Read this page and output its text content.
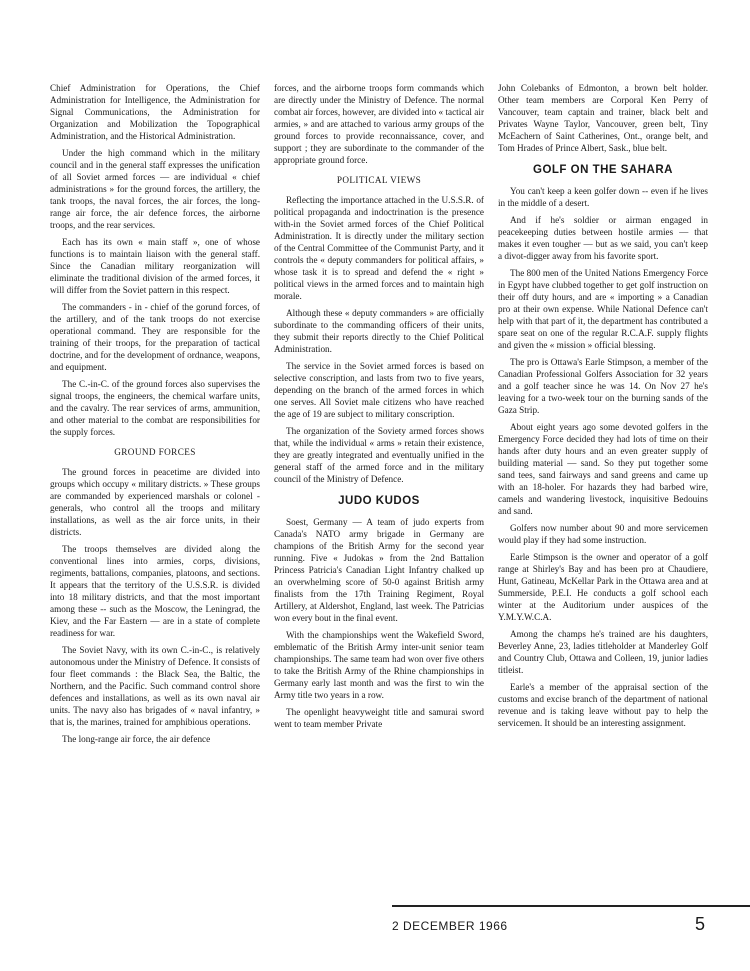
Chief Administration for Operations, the Chief Administration for Intelligence, the Administration for Signal Communications, the Administration for Organization and Mobilization the Topographical Administration, and the Historical Administration.

Under the high command which in the military council and in the general staff expresses the unification of all Soviet armed forces — are individual « chief administrations » for the ground forces, the artillery, the tank troops, the naval forces, the air forces, the long- range air force, the air defence forces, the airborne troops, and the rear services.

Each has its own « main staff », one of whose functions is to maintain liaison with the general staff. Since the Canadian military reorganization will eliminate the traditional division of the armed forces, it will differ from the Soviet pattern in this respect.

The commanders - in - chief of the gorund forces, of the artillery, and of the tank troops do not exercise operational command. They are responsible for the training of their troops, for the preparation of tactical doctrine, and for the development of ordnance, weapons, and equipment.

The C.-in-C. of the ground forces also supervises the signal troops, the engineers, the chemical warfare units, and the cavalry. The rear services of arms, ammunition, and other material to the combat are responsibilities for the supply forces.

GROUND FORCES

The ground forces in peacetime are divided into groups which occupy « military districts. » These groups are commanded by experienced marshals or colonel - generals, who control all the troops and military installations, as well as the air force units, in their districts.

The troops themselves are divided along the conventional lines into armies, corps, divisions, regiments, battalions, companies, platoons, and sections. It appears that the territory of the U.S.S.R. is divided into 18 military districts, and that the most important among these -- such as the Moscow, the Leningrad, the Kiev, and the Far Eastern — are in a state of complete readiness for war.

The Soviet Navy, with its own C.-in-C., is relatively autonomous under the Ministry of Defence. It consists of four fleet commands : the Black Sea, the Baltic, the Northern, and the Pacific. Such command control shore defences and installations, as well as its own naval air units. The navy also has brigades of « naval infantry, » that is, the marines, trained for amphibious operations.

The long-range air force, the air defence

forces, and the airborne troops form commands which are directly under the Ministry of Defence. The normal combat air forces, however, are divided into « tactical air armies, » and are attached to various army groups of the ground forces to provide reconnaissance, cover, and support ; they are subordinate to the commander of the appropriate ground force.

POLITICAL VIEWS

Reflecting the importance attached in the U.S.S.R. of political propaganda and indoctrination is the presence with-in the Soviet armed forces of the Chief Political Administration. It is directly under the military section of the Central Committee of the Communist Party, and it controls the « deputy commanders for political affairs, » whose task it is to spread and defend the « right » political views in the armed forces and to maintain high morale.

Although these « deputy commanders » are officially subordinate to the commanding officers of their units, they submit their reports directly to the Chief Political Administration.

The service in the Soviet armed forces is based on selective conscription, and lasts from two to five years, depending on the branch of the armed forces in which one serves. All Soviet male citizens who have reached the age of 19 are subject to military conscription.

The organization of the Soviety armed forces shows that, while the individual « arms » retain their existence, they are greatly integrated and eventually unified in the general staff of the armed force and in the military council of the Ministry of Defence.

JUDO KUDOS

Soest, Germany — A team of judo experts from Canada's NATO army brigade in Germany are champions of the British Army for the second year running. Five « Judokas » from the 2nd Battalion Princess Patricia's Canadian Light Infantry chalked up an overwhelming score of 50-0 against British army finalists from the 17th Training Regiment, Royal Artillery, at Aldershot, England, last week. The Patricias won every bout in the final event.

With the championships went the Wakefield Sword, emblematic of the British Army inter-unit senior team championships. The same team had won over five others to take the British Army of the Rhine championships in Germany early last month and was the first to win the Army title two years in a row.

The openlight heavyweight title and samurai sword went to team member Private

John Colebanks of Edmonton, a brown belt holder. Other team members are Corporal Ken Perry of Vancouver, team captain and trainer, black belt and Privates Wayne Taylor, Vancouver, green belt, Tiny McEachern of Saint Catherines, Ont., orange belt, and Tom Hrades of Prince Albert, Sask., blue belt.

GOLF ON THE SAHARA

You can't keep a keen golfer down -- even if he lives in the middle of a desert.

And if he's soldier or airman engaged in peacekeeping duties between hostile armies — that makes it even tougher — but as we said, you can't keep a divot-digger away from his favorite sport.

The 800 men of the United Nations Emergency Force in Egypt have clubbed together to get golf instruction on their off duty hours, and are « importing » a Canadian pro at their own expense. While National Defence can't help with that part of it, the department has contributed a spare seat on one of the regular R.C.A.F. supply flights and given the « mission » official blessing.

The pro is Ottawa's Earle Stimpson, a member of the Canadian Professional Golfers Association for 32 years and a golf teacher since he was 14. On Nov 27 he's leaving for a two-week tour on the burning sands of the Gaza Strip.

About eight years ago some devoted golfers in the Emergency Force decided they had lots of time on their hands after duty hours and an even greater supply of building material — sand. So they put together some sand tees, sand fairways and sand greens and came up with an 18-holer. For hazards they had barbed wire, camels and wandering livestock, inquisitive Bedouins and sand.

Golfers now number about 90 and more servicemen would play if they had some instruction.

Earle Stimpson is the owner and operator of a golf range at Shirley's Bay and has been pro at Chaudiere, Hunt, Gatineau, McKellar Park in the Ottawa area and at Summerside, P.E.I. He conducts a golf school each winter at the Auditorium under auspices of the Y.M.Y.W.C.A.

Among the champs he's trained are his daughters, Beverley Anne, 23, ladies titleholder at Manderley Golf and Country Club, Ottawa and Colleen, 19, junior ladies titleist.

Earle's a member of the appraisal section of the customs and excise branch of the department of national revenue and is taking leave without pay to help the servicemen. It should be an interesting assignment.

2 DECEMBER 1966	5
